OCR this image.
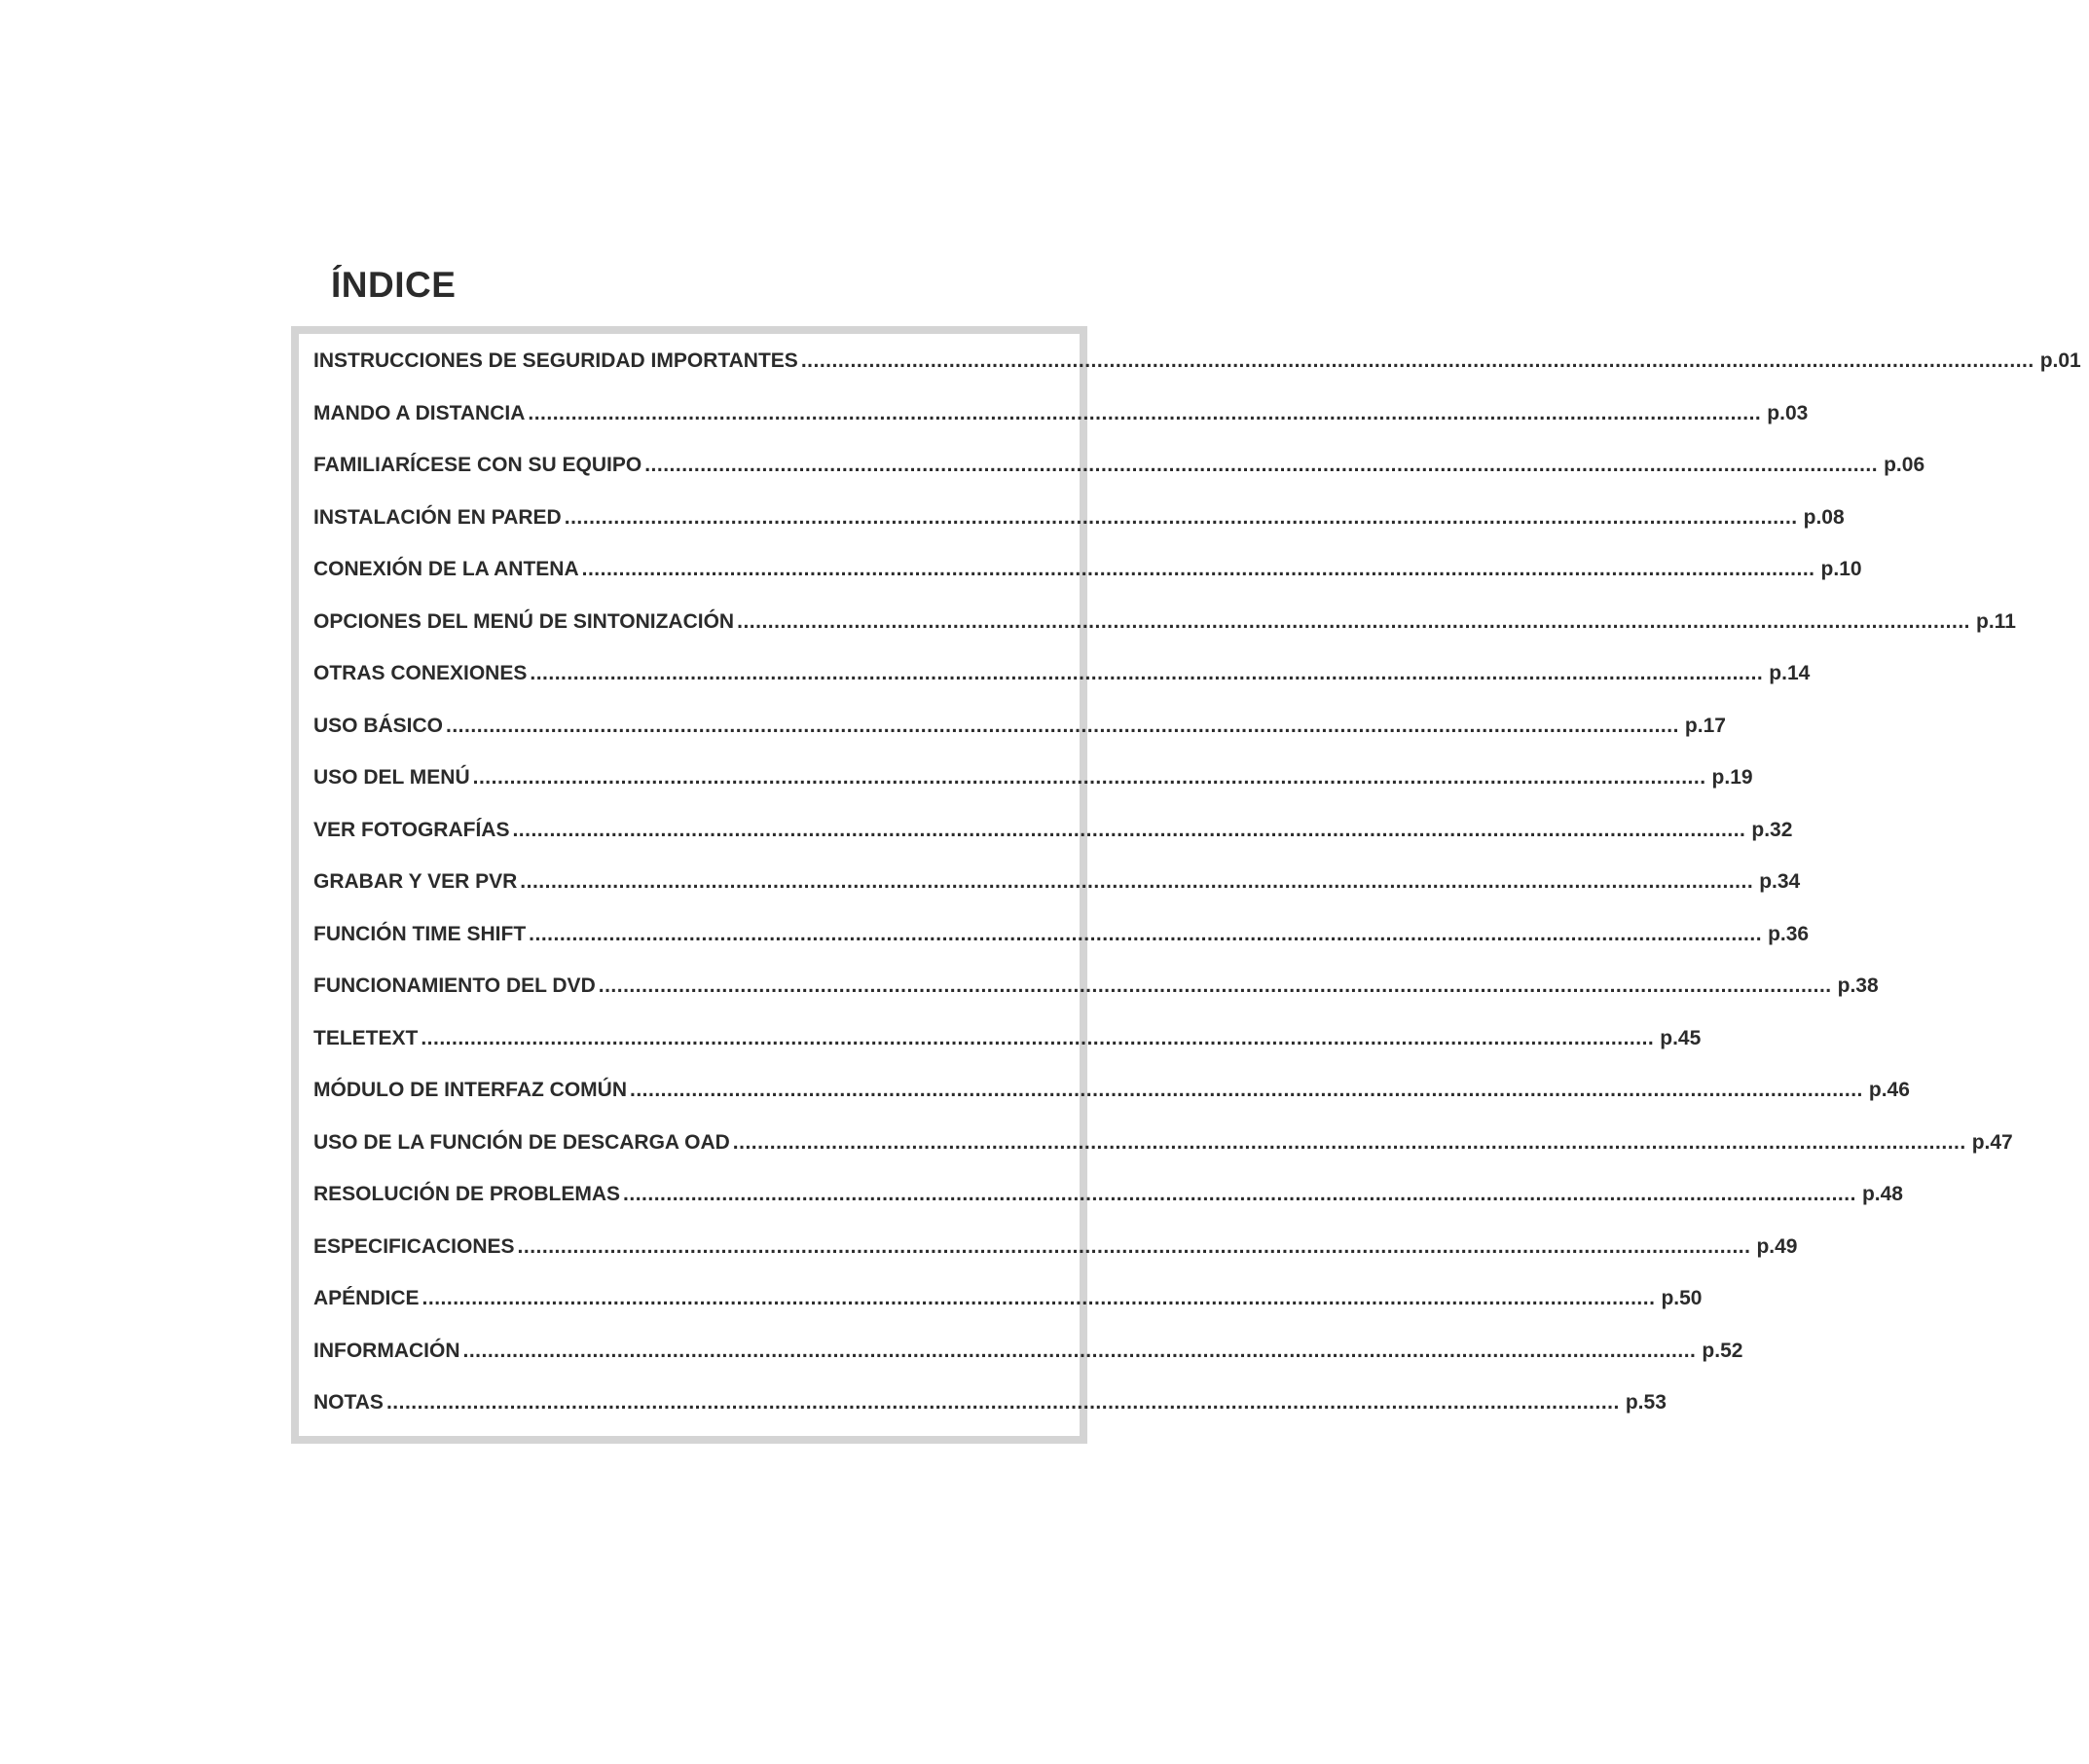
ÍNDICE
INSTRUCCIONES DE SEGURIDAD IMPORTANTES ........................................................................................................................................................................................................ p.01
MANDO A DISTANCIA ........................................................................................................................................................................................................ p.03
FAMILIARÍCESE CON SU EQUIPO ........................................................................................................................................................................................................ p.06
INSTALACIÓN EN PARED ........................................................................................................................................................................................................ p.08
CONEXIÓN DE LA ANTENA ........................................................................................................................................................................................................ p.10
OPCIONES DEL MENÚ DE SINTONIZACIÓN ........................................................................................................................................................................................................ p.11
OTRAS CONEXIONES ........................................................................................................................................................................................................ p.14
USO BÁSICO ........................................................................................................................................................................................................ p.17
USO DEL MENÚ ........................................................................................................................................................................................................ p.19
VER FOTOGRAFÍAS ........................................................................................................................................................................................................ p.32
GRABAR Y VER PVR ........................................................................................................................................................................................................ p.34
FUNCIÓN TIME SHIFT ........................................................................................................................................................................................................ p.36
FUNCIONAMIENTO DEL DVD ........................................................................................................................................................................................................ p.38
TELETEXT ........................................................................................................................................................................................................ p.45
MÓDULO DE INTERFAZ COMÚN ........................................................................................................................................................................................................ p.46
USO DE LA FUNCIÓN DE DESCARGA OAD ........................................................................................................................................................................................................ p.47
RESOLUCIÓN DE PROBLEMAS ........................................................................................................................................................................................................ p.48
ESPECIFICACIONES ........................................................................................................................................................................................................ p.49
APÉNDICE ........................................................................................................................................................................................................ p.50
INFORMACIÓN ........................................................................................................................................................................................................ p.52
NOTAS ........................................................................................................................................................................................................ p.53
